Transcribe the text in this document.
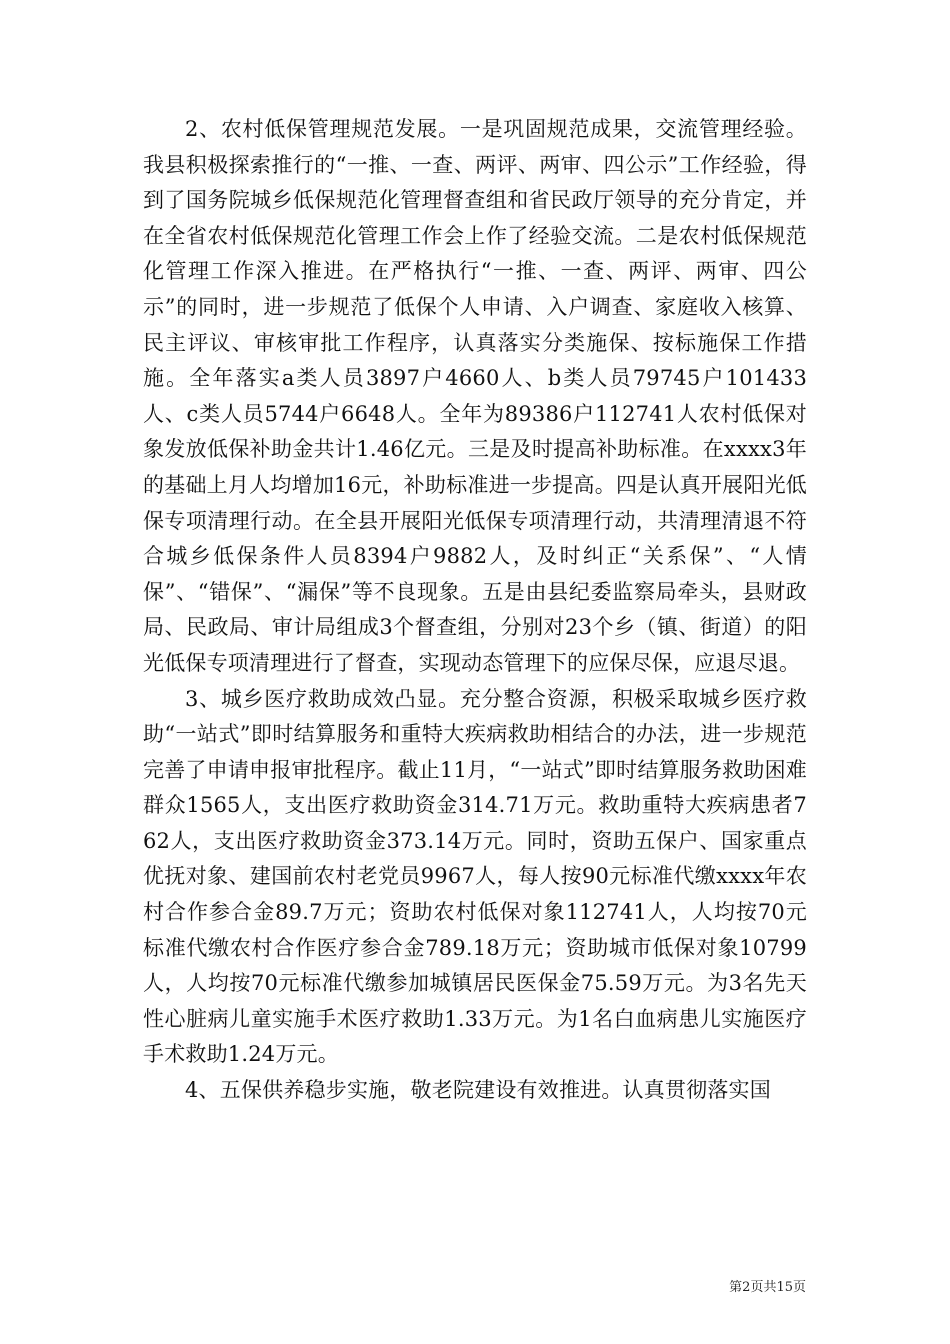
2、农村低保管理规范发展。一是巩固规范成果，交流管理经验。我县积极探索推行的“一推、一查、两评、两审、四公示”工作经验，得到了国务院城乡低保规范化管理督查组和省民政厅领导的充分肯定，并在全省农村低保规范化管理工作会上作了经验交流。二是农村低保规范化管理工作深入推进。在严格执行“一推、一查、两评、两审、四公示”的同时，进一步规范了低保个人申请、入户调查、家庭收入核算、民主评议、审核审批工作程序，认真落实分类施保、按标施保工作措施。全年落实a类人员3897户4660人、b类人员79745户101433人、c类人员5744户6648人。全年为89386户112741人农村低保对象发放低保补助金共计1.46亿元。三是及时提高补助标准。在xxxx3年的基础上月人均增加16元，补助标准进一步提高。四是认真开展阳光低保专项清理行动。在全县开展阳光低保专项清理行动，共清理清退不符合城乡低保条件人员8394户9882人，及时纠正“关系保”、“人情保”、“错保”、“漏保”等不良现象。五是由县纪委监察局牵头，县财政局、民政局、审计局组成3个督查组，分别对23个乡（镇、街道）的阳光低保专项清理进行了督查，实现动态管理下的应保尽保，应退尽退。

3、城乡医疗救助成效凸显。充分整合资源，积极采取城乡医疗救助“一站式”即时结算服务和重特大疾病救助相结合的办法，进一步规范完善了申请申报审批程序。截止11月，“一站式”即时结算服务救助困难群众1565人，支出医疗救助资金314.71万元。救助重特大疾病患者762人，支出医疗救助资金373.14万元。同时，资助五保户、国家重点优抚对象、建国前农村老党员9967人，每人按90元标准代缴xxxx年农村合作参合金89.7万元；资助农村低保对象112741人，人均按70元标准代缴农村合作医疗参合金789.18万元；资助城市低保对象10799人，人均按70元标准代缴参加城镇居民医保金75.59万元。为3名先天性心脏病儿童实施手术医疗救助1.33万元。为1名白血病患儿实施医疗手术救助1.24万元。

4、五保供养稳步实施，敬老院建设有效推进。认真贯彻落实国

第2页共15页
